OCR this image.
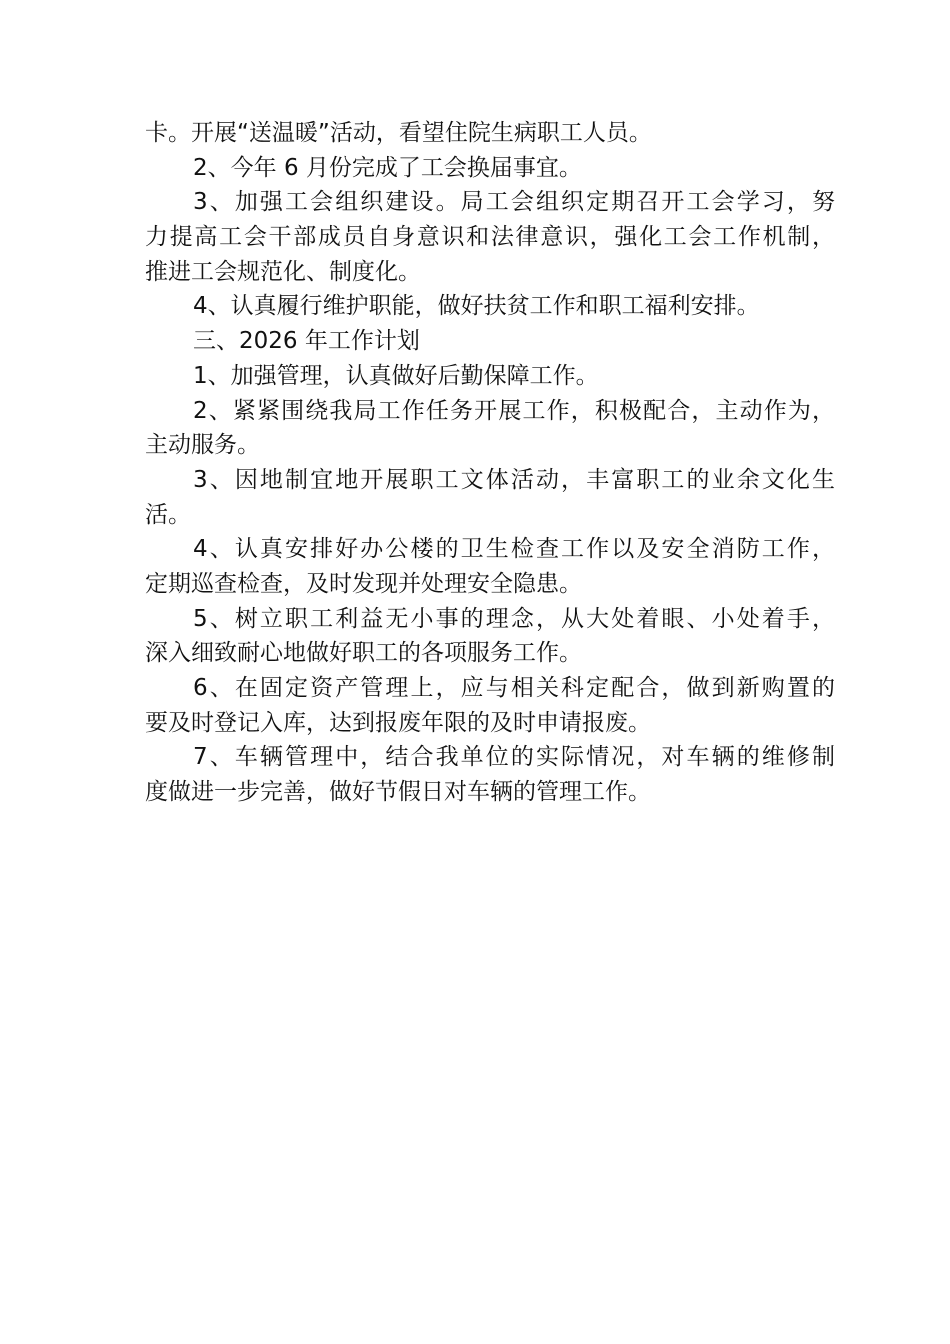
卡。开展“送温暖”活动，看望住院生病职工人员。
2、今年 6 月份完成了工会换届事宜。
3、加强工会组织建设。局工会组织定期召开工会学习，努
力提高工会干部成员自身意识和法律意识，强化工会工作机制，
推进工会规范化、制度化。
4、认真履行维护职能，做好扶贫工作和职工福利安排。
三、2026 年工作计划
1、加强管理，认真做好后勤保障工作。
2、紧紧围绕我局工作任务开展工作，积极配合，主动作为，
主动服务。
3、因地制宜地开展职工文体活动，丰富职工的业余文化生
活。
4、认真安排好办公楼的卫生检查工作以及安全消防工作，
定期巡查检查，及时发现并处理安全隐患。
5、树立职工利益无小事的理念，从大处着眼、小处着手，
深入细致耐心地做好职工的各项服务工作。
6、在固定资产管理上，应与相关科定配合，做到新购置的
要及时登记入库，达到报废年限的及时申请报废。
7、车辆管理中，结合我单位的实际情况，对车辆的维修制
度做进一步完善，做好节假日对车辆的管理工作。
